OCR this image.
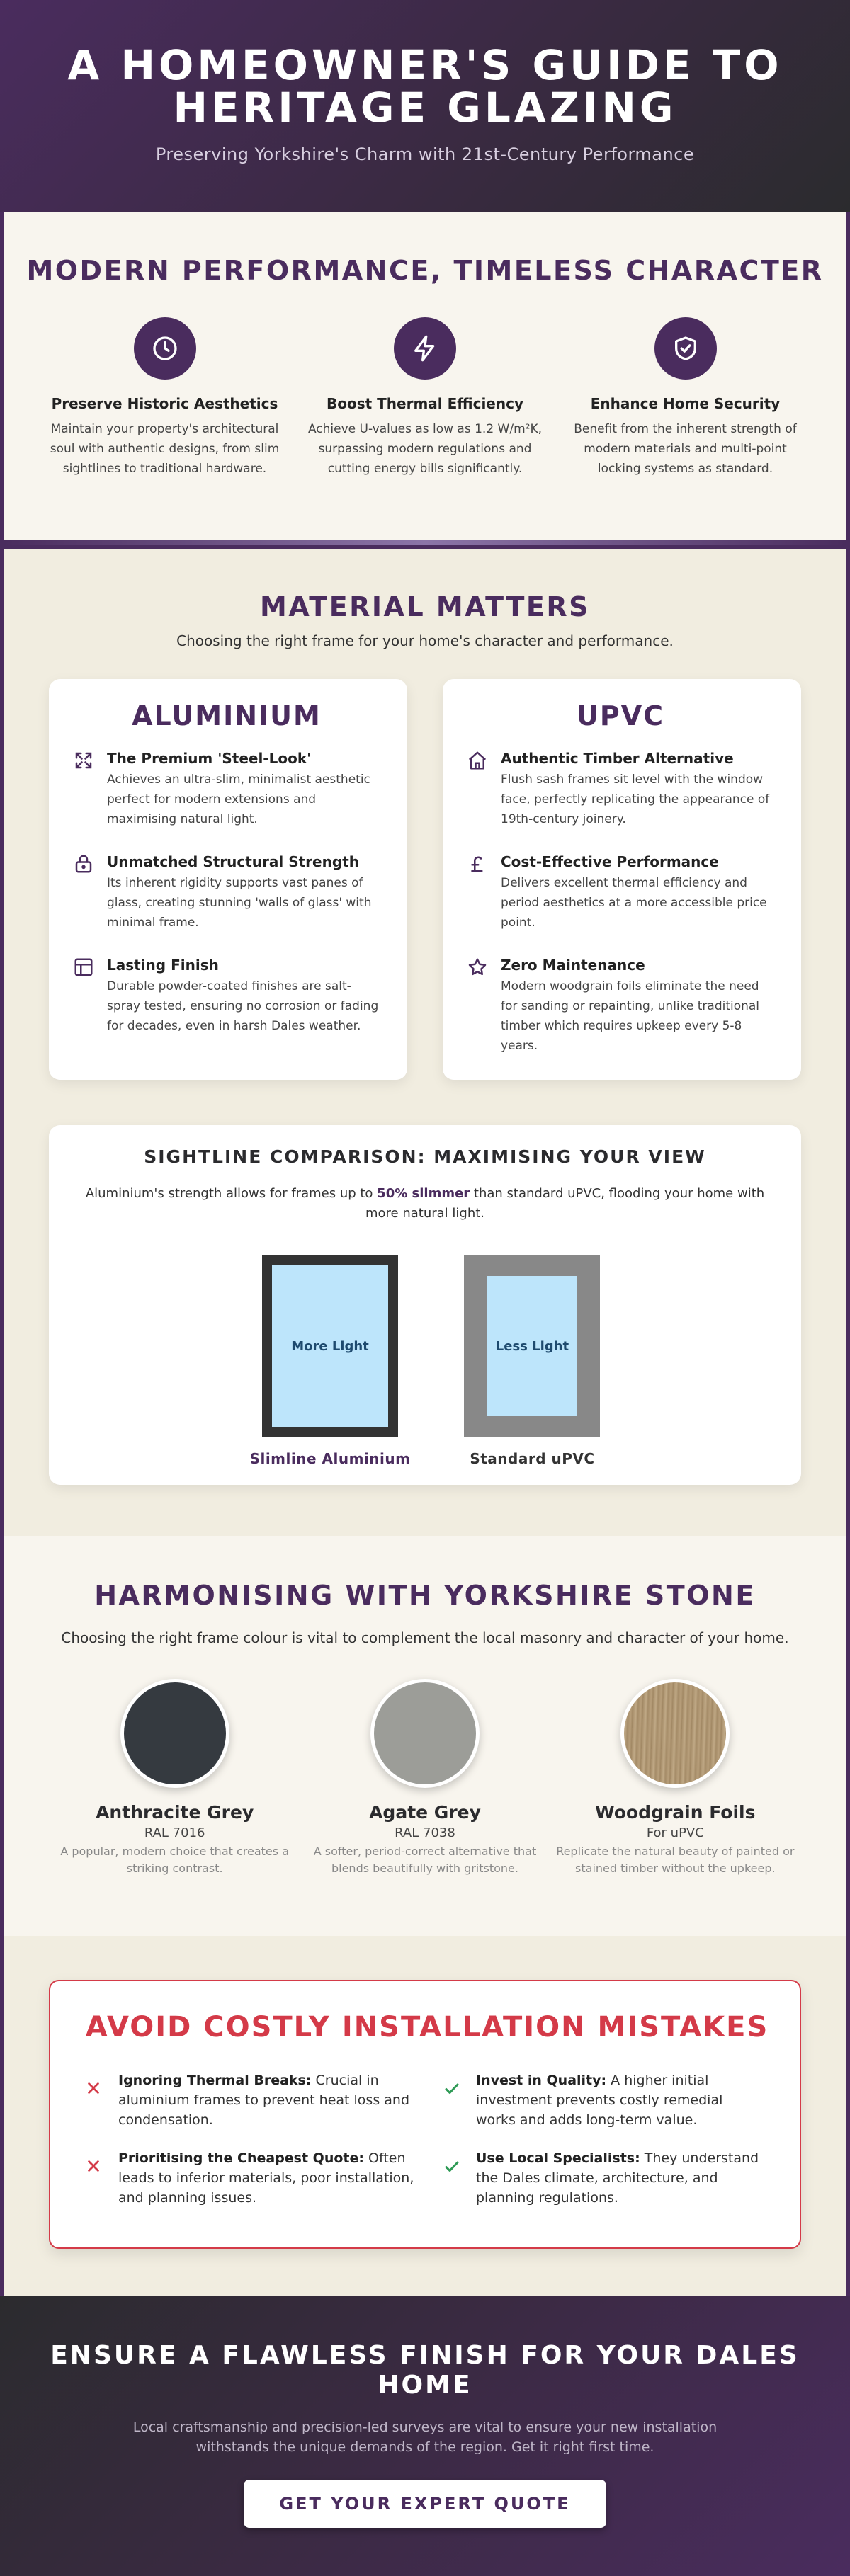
A HOMEOWNER'S GUIDE TO HERITAGE GLAZING

Preserving Yorkshire's Charm with 21st-Century Performance

MODERN PERFORMANCE, TIMELESS CHARACTER
Preserve Historic Aesthetics

Maintain your property's architectural soul with authentic designs, from slim sightlines to traditional hardware.

Boost Thermal Efficiency

Achieve U-values as low as 1.2 W/m²K, surpassing modern regulations and cutting energy bills significantly.

Enhance Home Security

Benefit from the inherent strength of modern materials and multi-point locking systems as standard.

MATERIAL MATTERS

Choosing the right frame for your home's character and performance.

ALUMINIUM
The Premium 'Steel-Look'

Achieves an ultra-slim, minimalist aesthetic perfect for modern extensions and maximising natural light.

Unmatched Structural Strength

Its inherent rigidity supports vast panes of glass, creating stunning 'walls of glass' with minimal frame.

Lasting Finish

Durable powder-coated finishes are salt-spray tested, ensuring no corrosion or fading for decades, even in harsh Dales weather.

UPVC
Authentic Timber Alternative

Flush sash frames sit level with the window face, perfectly replicating the appearance of 19th-century joinery.

Cost-Effective Performance

Delivers excellent thermal efficiency and period aesthetics at a more accessible price point.

Zero Maintenance

Modern woodgrain foils eliminate the need for sanding or repainting, unlike traditional timber which requires upkeep every 5-8 years.

SIGHTLINE COMPARISON: MAXIMISING YOUR VIEW

Aluminium's strength allows for frames up to 50% slimmer than standard uPVC, flooding your home with more natural light.

More Light
Slimline Aluminium
Less Light
Standard uPVC
HARMONISING WITH YORKSHIRE STONE

Choosing the right frame colour is vital to complement the local masonry and character of your home.

Anthracite Grey
RAL 7016
A popular, modern choice that creates a striking contrast.
Agate Grey
RAL 7038
A softer, period-correct alternative that blends beautifully with gritstone.
Woodgrain Foils
For uPVC
Replicate the natural beauty of painted or stained timber without the upkeep.
AVOID COSTLY INSTALLATION MISTAKES

Ignoring Thermal Breaks: Crucial in aluminium frames to prevent heat loss and condensation.

Invest in Quality: A higher initial investment prevents costly remedial works and adds long-term value.

Prioritising the Cheapest Quote: Often leads to inferior materials, poor installation, and planning issues.

Use Local Specialists: They understand the Dales climate, architecture, and planning regulations.

ENSURE A FLAWLESS FINISH FOR YOUR DALES HOME

Local craftsmanship and precision-led surveys are vital to ensure your new installation withstands the unique demands of the region. Get it right first time.

GET YOUR EXPERT QUOTE
